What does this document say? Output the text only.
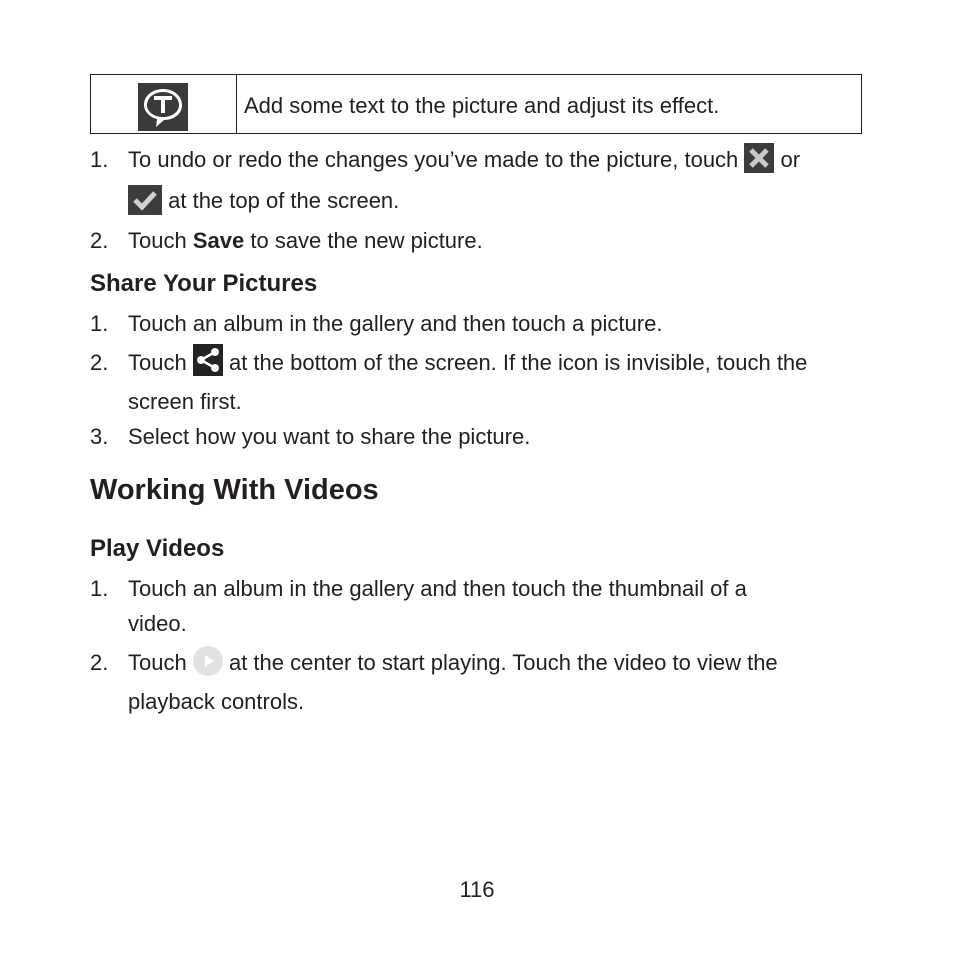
Add some text to the picture and adjust its effect.
1. To undo or redo the changes you’ve made to the picture, touch or
at the top of the screen.
2. Touch Save to save the new picture.
Share Your Pictures
1. Touch an album in the gallery and then touch a picture.
2. Touch at the bottom of the screen. If the icon is invisible, touch the
screen first.
3. Select how you want to share the picture.
Working With Videos
Play Videos
1. Touch an album in the gallery and then touch the thumbnail of a
video.
2. Touch at the center to start playing. Touch the video to view the
playback controls.
116
